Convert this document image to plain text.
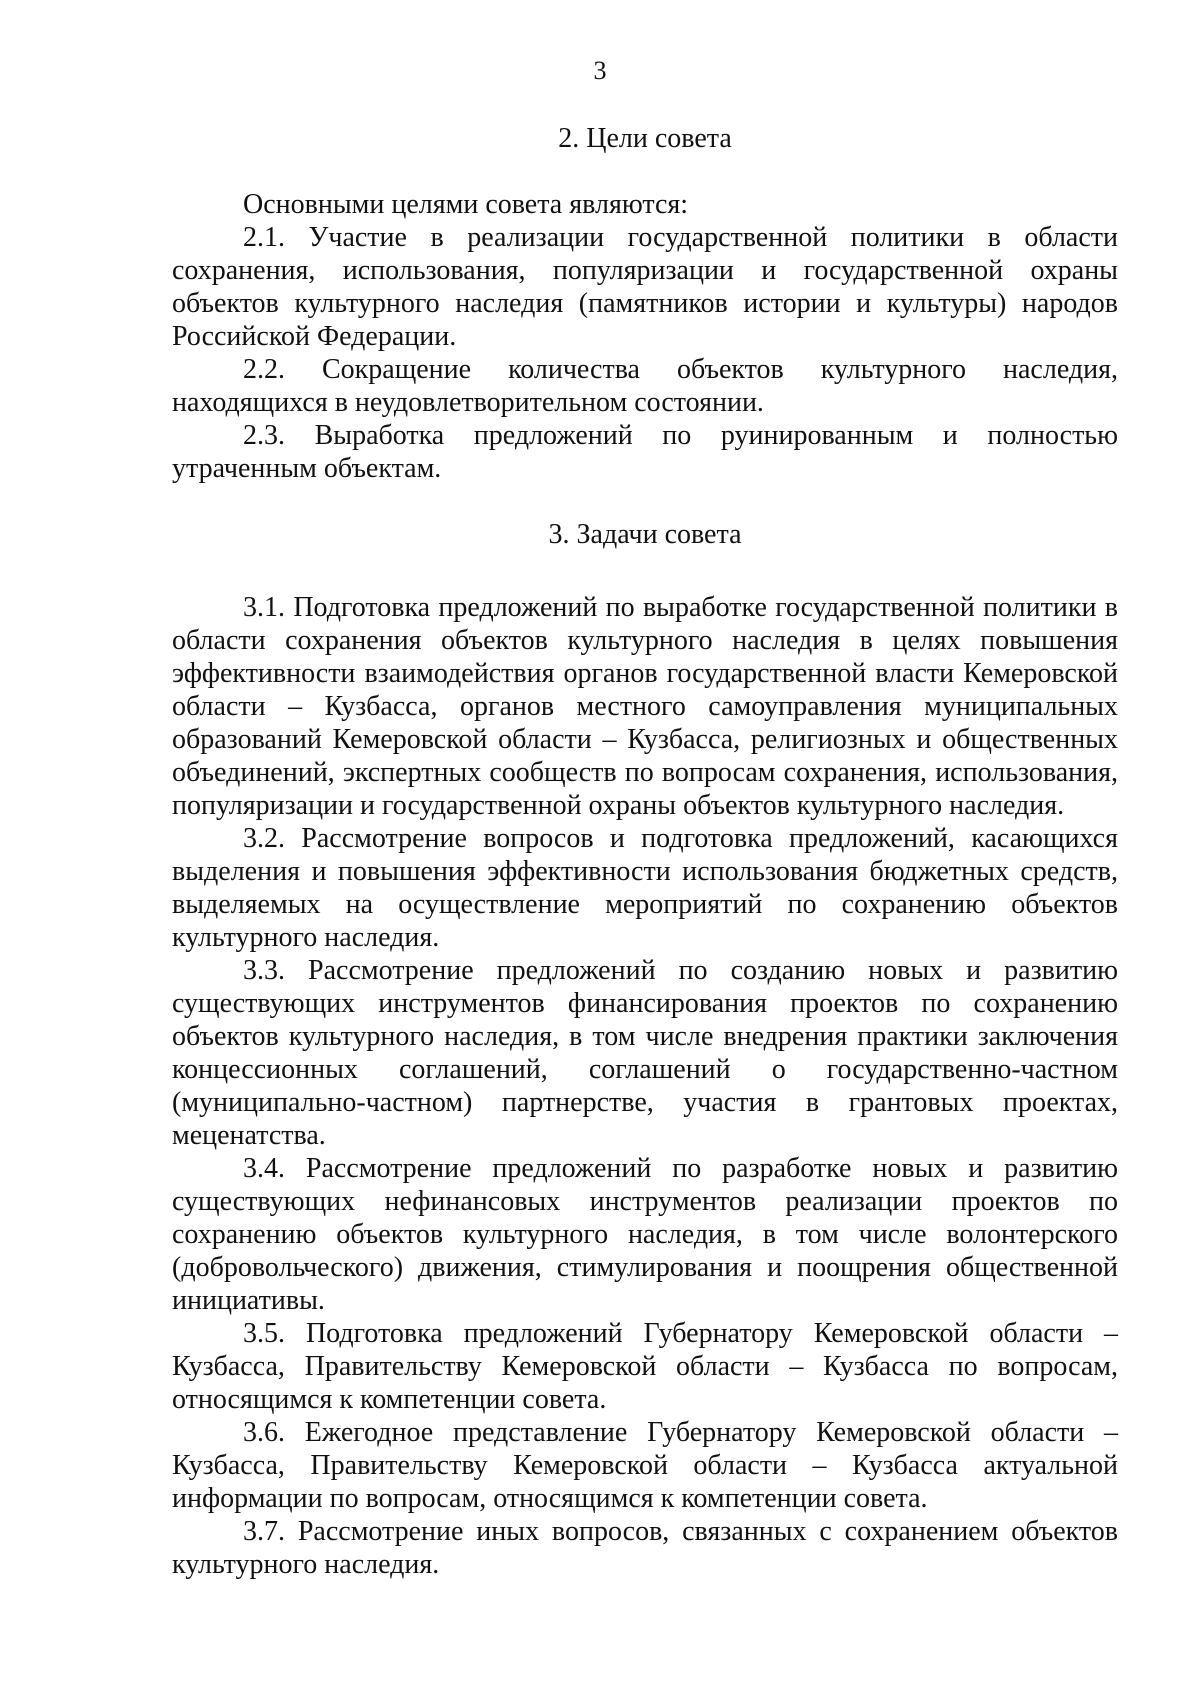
3
2. Цели совета

Основными целями совета являются:

2.1. Участие в реализации государственной политики в области сохранения, использования, популяризации и государственной охраны объектов культурного наследия (памятников истории и культуры) народов Российской Федерации.

2.2. Сокращение количества объектов культурного наследия, находящихся в неудовлетворительном состоянии.

2.3. Выработка предложений по руинированным и полностью утраченным объектам.

3. Задачи совета

3.1. Подготовка предложений по выработке государственной политики в области сохранения объектов культурного наследия в целях повышения эффективности взаимодействия органов государственной власти Кемеровской области – Кузбасса, органов местного самоуправления муниципальных образований Кемеровской области – Кузбасса, религиозных и общественных объединений, экспертных сообществ по вопросам сохранения, использования, популяризации и государственной охраны объектов культурного наследия.

3.2. Рассмотрение вопросов и подготовка предложений, касающихся выделения и повышения эффективности использования бюджетных средств, выделяемых на осуществление мероприятий по сохранению объектов культурного наследия.

3.3. Рассмотрение предложений по созданию новых и развитию существующих инструментов финансирования проектов по сохранению объектов культурного наследия, в том числе внедрения практики заключения концессионных соглашений, соглашений о государственно-частном (муниципально-частном) партнерстве, участия в грантовых проектах, меценатства.

3.4. Рассмотрение предложений по разработке новых и развитию существующих нефинансовых инструментов реализации проектов по сохранению объектов культурного наследия, в том числе волонтерского (добровольческого) движения, стимулирования и поощрения общественной инициативы.

3.5. Подготовка предложений Губернатору Кемеровской области – Кузбасса, Правительству Кемеровской области – Кузбасса по вопросам, относящимся к компетенции совета.

3.6. Ежегодное представление Губернатору Кемеровской области – Кузбасса, Правительству Кемеровской области – Кузбасса актуальной информации по вопросам, относящимся к компетенции совета.

3.7. Рассмотрение иных вопросов, связанных с сохранением объектов культурного наследия.
